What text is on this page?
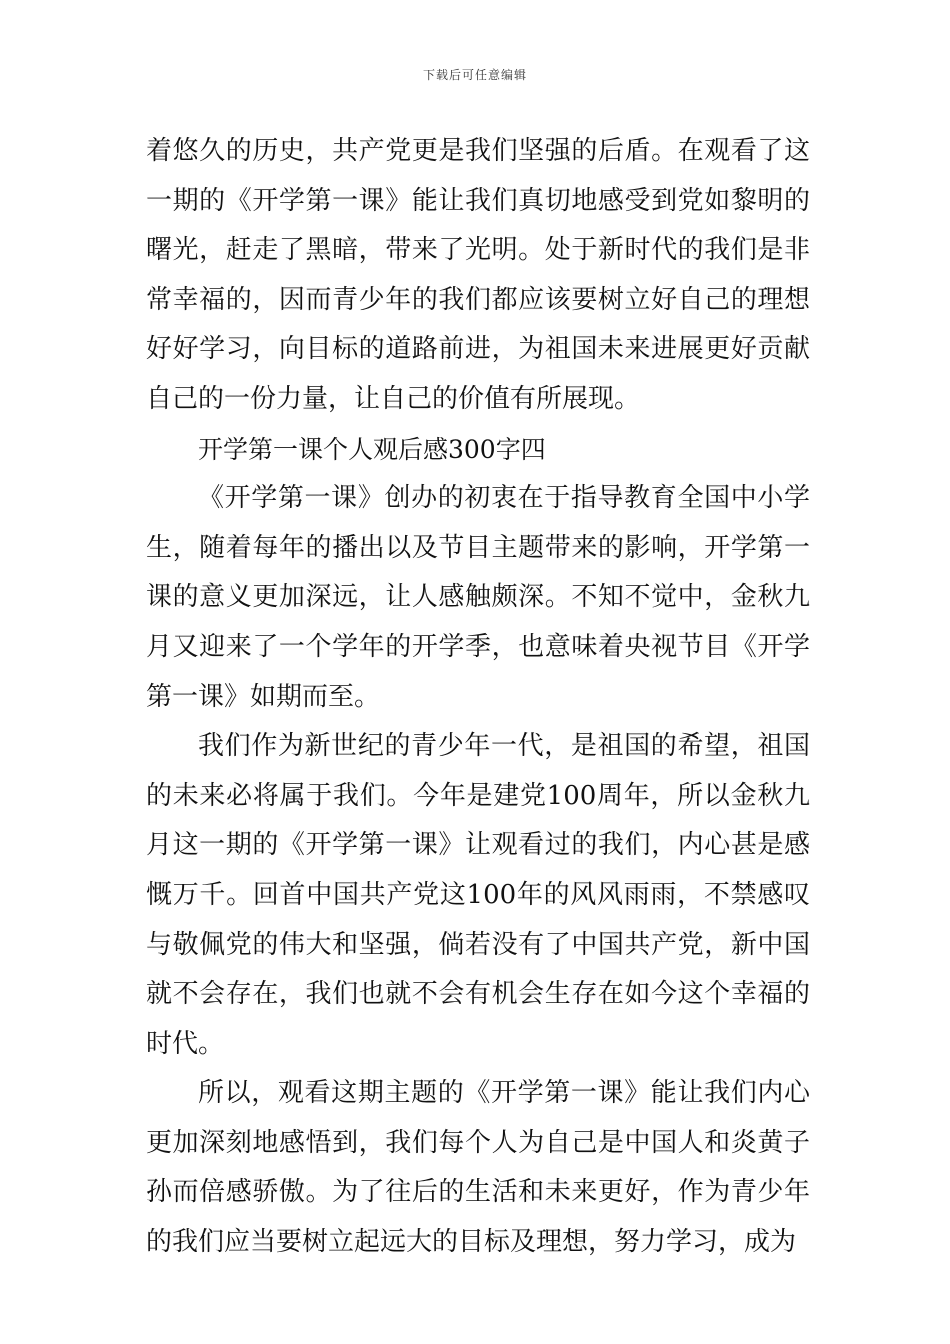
下载后可任意编辑

着悠久的历史，共产党更是我们坚强的后盾。在观看了这一期的《开学第一课》能让我们真切地感受到党如黎明的曙光，赶走了黑暗，带来了光明。处于新时代的我们是非常幸福的，因而青少年的我们都应该要树立好自己的理想好好学习，向目标的道路前进，为祖国未来进展更好贡献自己的一份力量，让自己的价值有所展现。

开学第一课个人观后感300字四

《开学第一课》创办的初衷在于指导教育全国中小学生，随着每年的播出以及节目主题带来的影响，开学第一课的意义更加深远，让人感触颇深。不知不觉中，金秋九月又迎来了一个学年的开学季，也意味着央视节目《开学第一课》如期而至。

我们作为新世纪的青少年一代，是祖国的希望，祖国的未来必将属于我们。今年是建党100周年，所以金秋九月这一期的《开学第一课》让观看过的我们，内心甚是感慨万千。回首中国共产党这100年的风风雨雨，不禁感叹与敬佩党的伟大和坚强，倘若没有了中国共产党，新中国就不会存在，我们也就不会有机会生存在如今这个幸福的时代。

所以，观看这期主题的《开学第一课》能让我们内心更加深刻地感悟到，我们每个人为自己是中国人和炎黄子孙而倍感骄傲。为了往后的生活和未来更好，作为青少年的我们应当要树立起远大的目标及理想，努力学习，成为
